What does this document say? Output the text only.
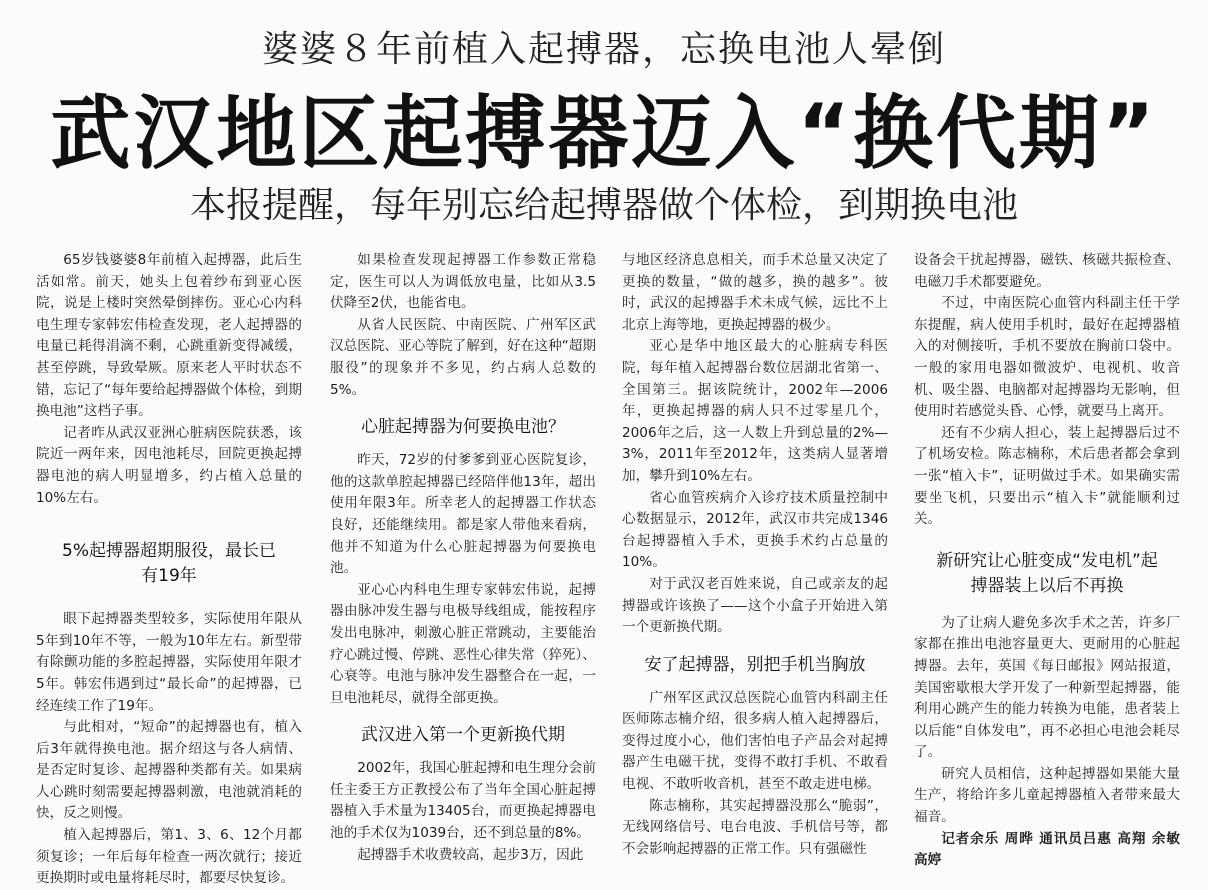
婆婆８年前植入起搏器，忘换电池人晕倒
武汉地区起搏器迈入“换代期”
本报提醒，每年别忘给起搏器做个体检，到期换电池

65岁钱婆婆8年前植入起搏器，此后生活如常。前天，她头上包着纱布到亚心医院，说是上楼时突然晕倒摔伤。亚心心内科电生理专家韩宏伟检查发现，老人起搏器的电量已耗得涓滴不剩，心跳重新变得减缓，甚至停跳，导致晕厥。原来老人平时状态不错，忘记了“每年要给起搏器做个体检，到期换电池”这档子事。

记者昨从武汉亚洲心脏病医院获悉，该院近一两年来，因电池耗尽，回院更换起搏器电池的病人明显增多，约占植入总量的10%左右。

5%起搏器超期服役，最长已有19年

眼下起搏器类型较多，实际使用年限从5年到10年不等，一般为10年左右。新型带有除颤功能的多腔起搏器，实际使用年限才5年。韩宏伟遇到过“最长命”的起搏器，已经连续工作了19年。

与此相对，“短命”的起搏器也有，植入后3年就得换电池。据介绍这与各人病情、是否定时复诊、起搏器种类都有关。如果病人心跳时刻需要起搏器刺激，电池就消耗的快，反之则慢。

植入起搏器后，第1、3、6、12个月都须复诊；一年后每年检查一两次就行；接近更换期时或电量将耗尽时，都要尽快复诊。

如果检查发现起搏器工作参数正常稳定，医生可以人为调低放电量，比如从3.5伏降至2伏，也能省电。

从省人民医院、中南医院、广州军区武汉总医院、亚心等院了解到，好在这种“超期服役”的现象并不多见，约占病人总数的5%。

心脏起搏器为何要换电池？

昨天，72岁的付爹爹到亚心医院复诊，他的这款单腔起搏器已经陪伴他13年，超出使用年限3年。所幸老人的起搏器工作状态良好，还能继续用。都是家人带他来看病，他并不知道为什么心脏起搏器为何要换电池。

亚心心内科电生理专家韩宏伟说，起搏器由脉冲发生器与电极导线组成，能按程序发出电脉冲，刺激心脏正常跳动，主要能治疗心跳过慢、停跳、恶性心律失常（猝死）、心衰等。电池与脉冲发生器整合在一起，一旦电池耗尽，就得全部更换。

武汉进入第一个更新换代期

2002年，我国心脏起搏和电生理分会前任主委王方正教授公布了当年全国心脏起搏器植入手术量为13405台，而更换起搏器电池的手术仅为1039台，还不到总量的8%。

起搏器手术收费较高，起步3万，因此

与地区经济息息相关，而手术总量又决定了更换的数量，“做的越多，换的越多”。彼时，武汉的起搏器手术未成气候，远比不上北京上海等地，更换起搏器的极少。

亚心是华中地区最大的心脏病专科医院，每年植入起搏器台数位居湖北省第一、全国第三。据该院统计，2002年—2006年，更换起搏器的病人只不过零星几个，2006年之后，这一人数上升到总量的2%—3%，2011年至2012年，这类病人显著增加，攀升到10%左右。

省心血管疾病介入诊疗技术质量控制中心数据显示，2012年，武汉市共完成1346台起搏器植入手术，更换手术约占总量的10%。

对于武汉老百姓来说，自己或亲友的起搏器或许该换了——这个小盒子开始进入第一个更新换代期。

安了起搏器，别把手机当胸放

广州军区武汉总医院心血管内科副主任医师陈志楠介绍，很多病人植入起搏器后，变得过度小心，他们害怕电子产品会对起搏器产生电磁干扰，变得不敢打手机、不敢看电视、不敢听收音机，甚至不敢走进电梯。

陈志楠称，其实起搏器没那么“脆弱”，无线网络信号、电台电波、手机信号等，都不会影响起搏器的正常工作。只有强磁性

设备会干扰起搏器，磁铁、核磁共振检查、电磁刀手术都要避免。

不过，中南医院心血管内科副主任干学东提醒，病人使用手机时，最好在起搏器植入的对侧接听，手机不要放在胸前口袋中。一般的家用电器如微波炉、电视机、收音机、吸尘器、电脑都对起搏器均无影响，但使用时若感觉头昏、心悸，就要马上离开。

还有不少病人担心，装上起搏器后过不了机场安检。陈志楠称，术后患者都会拿到一张“植入卡”，证明做过手术。如果确实需要坐飞机，只要出示“植入卡”就能顺利过关。

新研究让心脏变成“发电机”起搏器装上以后不再换

为了让病人避免多次手术之苦，许多厂家都在推出电池容量更大、更耐用的心脏起搏器。去年，英国《每日邮报》网站报道，美国密歇根大学开发了一种新型起搏器，能利用心跳产生的能力转换为电能，患者装上以后能“自体发电”，再不必担心电池会耗尽了。

研究人员相信，这种起搏器如果能大量生产，将给许多儿童起搏器植入者带来最大福音。

记者余乐 周晔 通讯员吕惠 高翔 余敏 高婷
